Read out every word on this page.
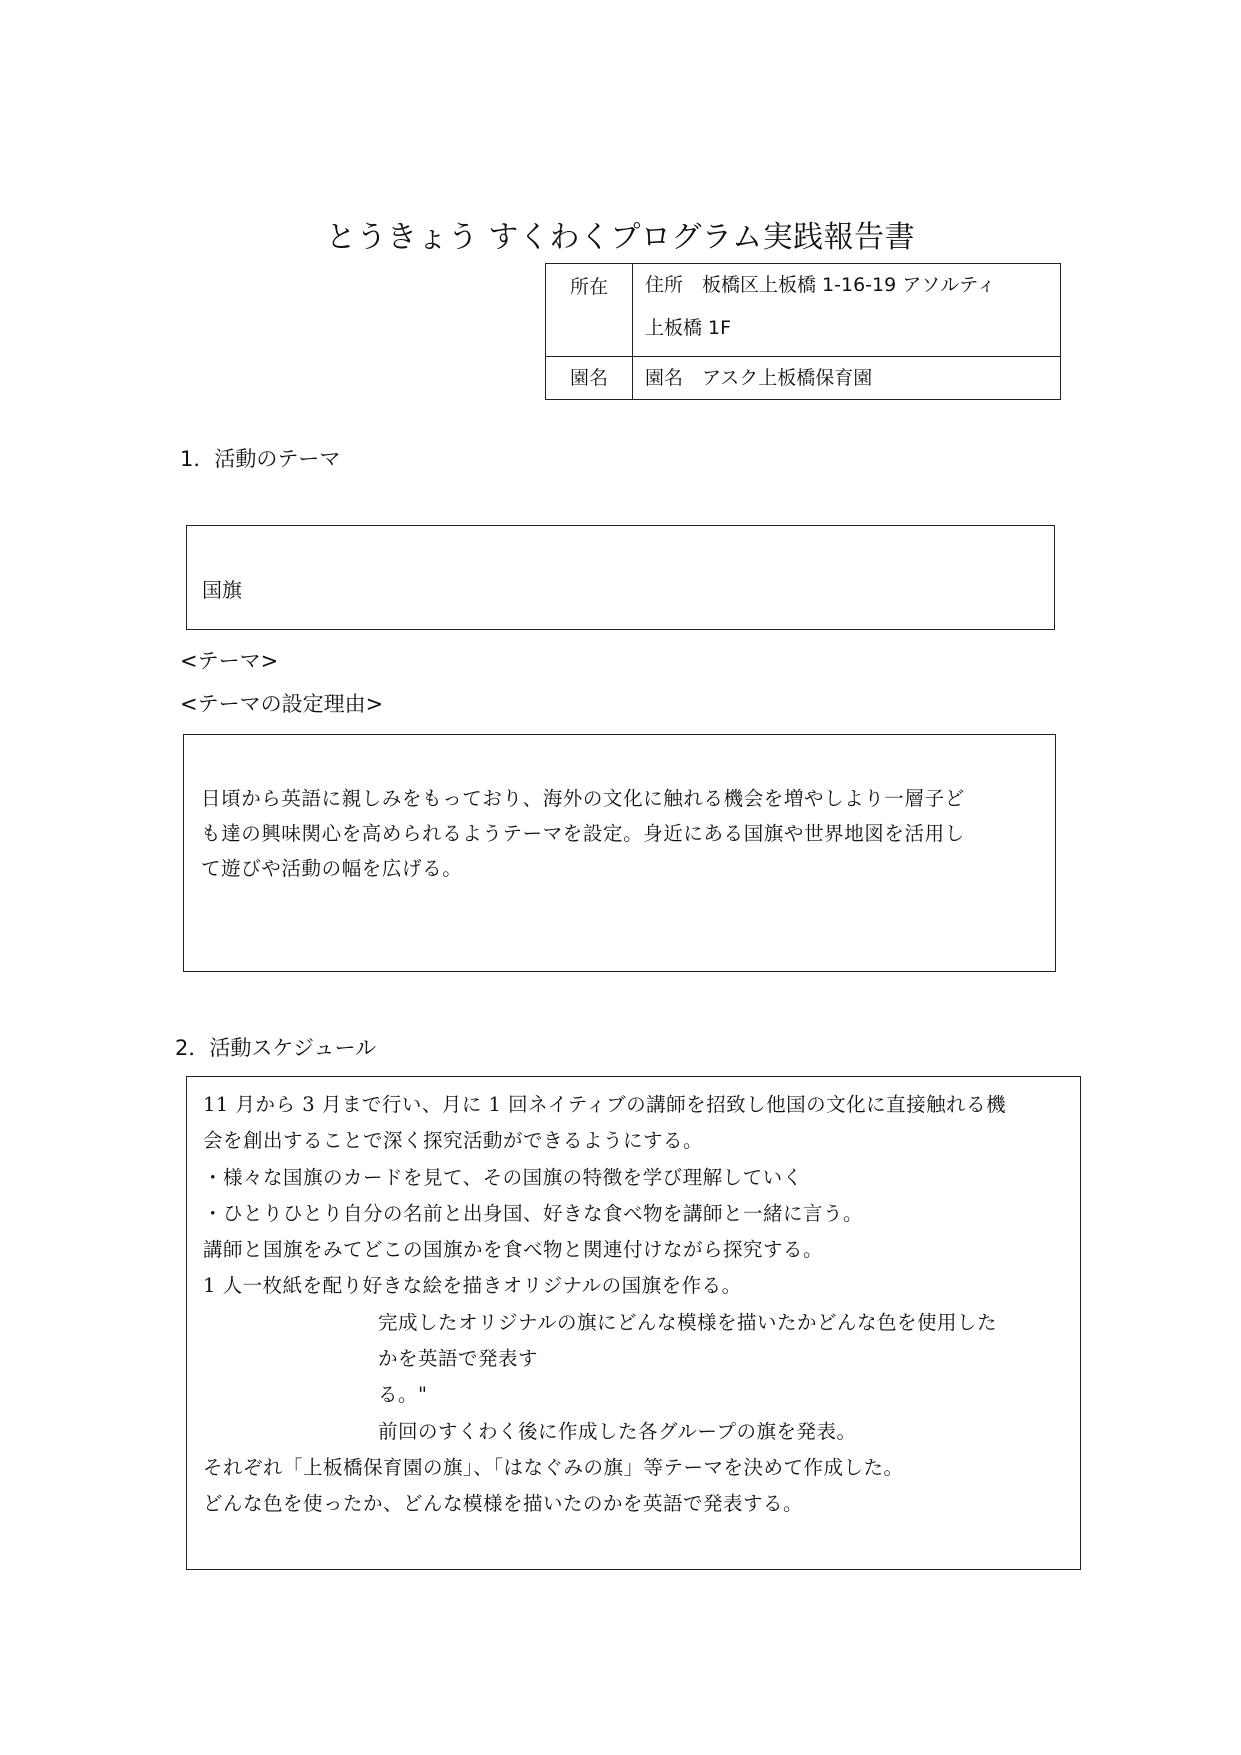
とうきょう すくわくプログラム実践報告書
所在	住所　板橋区上板橋 1-16-19 アソルティ
上板橋 1F

園名	園名　アスク上板橋保育園
1．活動のテーマ
国旗
<テーマ>
<テーマの設定理由>
日頃から英語に親しみをもっており、海外の文化に触れる機会を増やしより一層子ど
も達の興味関心を高められるようテーマを設定。身近にある国旗や世界地図を活用し
て遊びや活動の幅を広げる。
2．活動スケジュール
11 月から 3 月まで行い、月に 1 回ネイティブの講師を招致し他国の文化に直接触れる機
会を創出することで深く探究活動ができるようにする。
・様々な国旗のカードを見て、その国旗の特徴を学び理解していく
・ひとりひとり自分の名前と出身国、好きな食べ物を講師と一緒に言う。
講師と国旗をみてどこの国旗かを食べ物と関連付けながら探究する。
1 人一枚紙を配り好きな絵を描きオリジナルの国旗を作る。
完成したオリジナルの旗にどんな模様を描いたかどんな色を使用した
かを英語で発表す
る。"
前回のすくわく後に作成した各グループの旗を発表。
それぞれ「上板橋保育園の旗」、「はなぐみの旗」等テーマを決めて作成した。
どんな色を使ったか、どんな模様を描いたのかを英語で発表する。
